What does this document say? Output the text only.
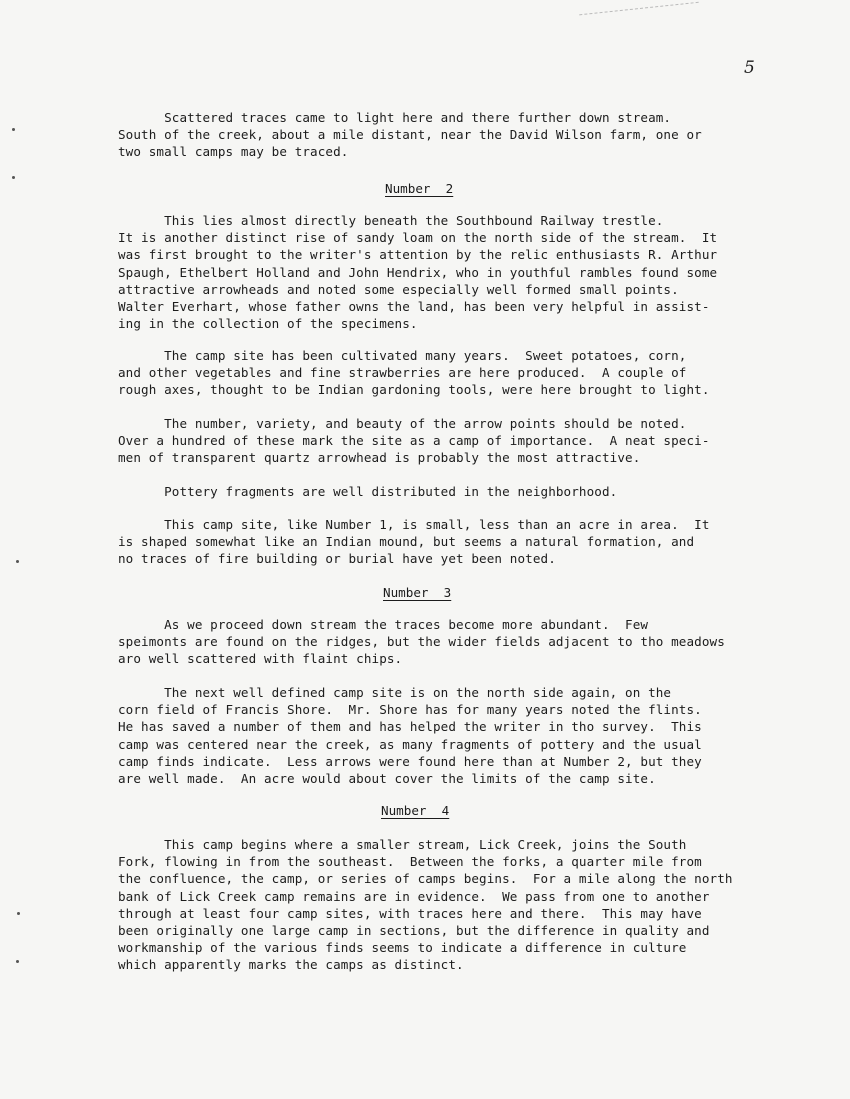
5
Scattered traces came to light here and there further down stream.
South of the creek, about a mile distant, near the David Wilson farm, one or
two small camps may be traced.
Number  2
This lies almost directly beneath the Southbound Railway trestle.
It is another distinct rise of sandy loam on the north side of the stream.  It
was first brought to the writer's attention by the relic enthusiasts R. Arthur
Spaugh, Ethelbert Holland and John Hendrix, who in youthful rambles found some
attractive arrowheads and noted some especially well formed small points.
Walter Everhart, whose father owns the land, has been very helpful in assist-
ing in the collection of the specimens.
The camp site has been cultivated many years.  Sweet potatoes, corn,
and other vegetables and fine strawberries are here produced.  A couple of
rough axes, thought to be Indian gardoning tools, were here brought to light.
The number, variety, and beauty of the arrow points should be noted.
Over a hundred of these mark the site as a camp of importance.  A neat speci-
men of transparent quartz arrowhead is probably the most attractive.
Pottery fragments are well distributed in the neighborhood.
This camp site, like Number 1, is small, less than an acre in area.  It
is shaped somewhat like an Indian mound, but seems a natural formation, and
no traces of fire building or burial have yet been noted.
Number  3
As we proceed down stream the traces become more abundant.  Few
speimonts are found on the ridges, but the wider fields adjacent to tho meadows
aro well scattered with flaint chips.
The next well defined camp site is on the north side again, on the
corn field of Francis Shore.  Mr. Shore has for many years noted the flints.
He has saved a number of them and has helped the writer in tho survey.  This
camp was centered near the creek, as many fragments of pottery and the usual
camp finds indicate.  Less arrows were found here than at Number 2, but they
are well made.  An acre would about cover the limits of the camp site.
Number  4
This camp begins where a smaller stream, Lick Creek, joins the South
Fork, flowing in from the southeast.  Between the forks, a quarter mile from
the confluence, the camp, or series of camps begins.  For a mile along the north
bank of Lick Creek camp remains are in evidence.  We pass from one to another
through at least four camp sites, with traces here and there.  This may have
been originally one large camp in sections, but the difference in quality and
workmanship of the various finds seems to indicate a difference in culture
which apparently marks the camps as distinct.
